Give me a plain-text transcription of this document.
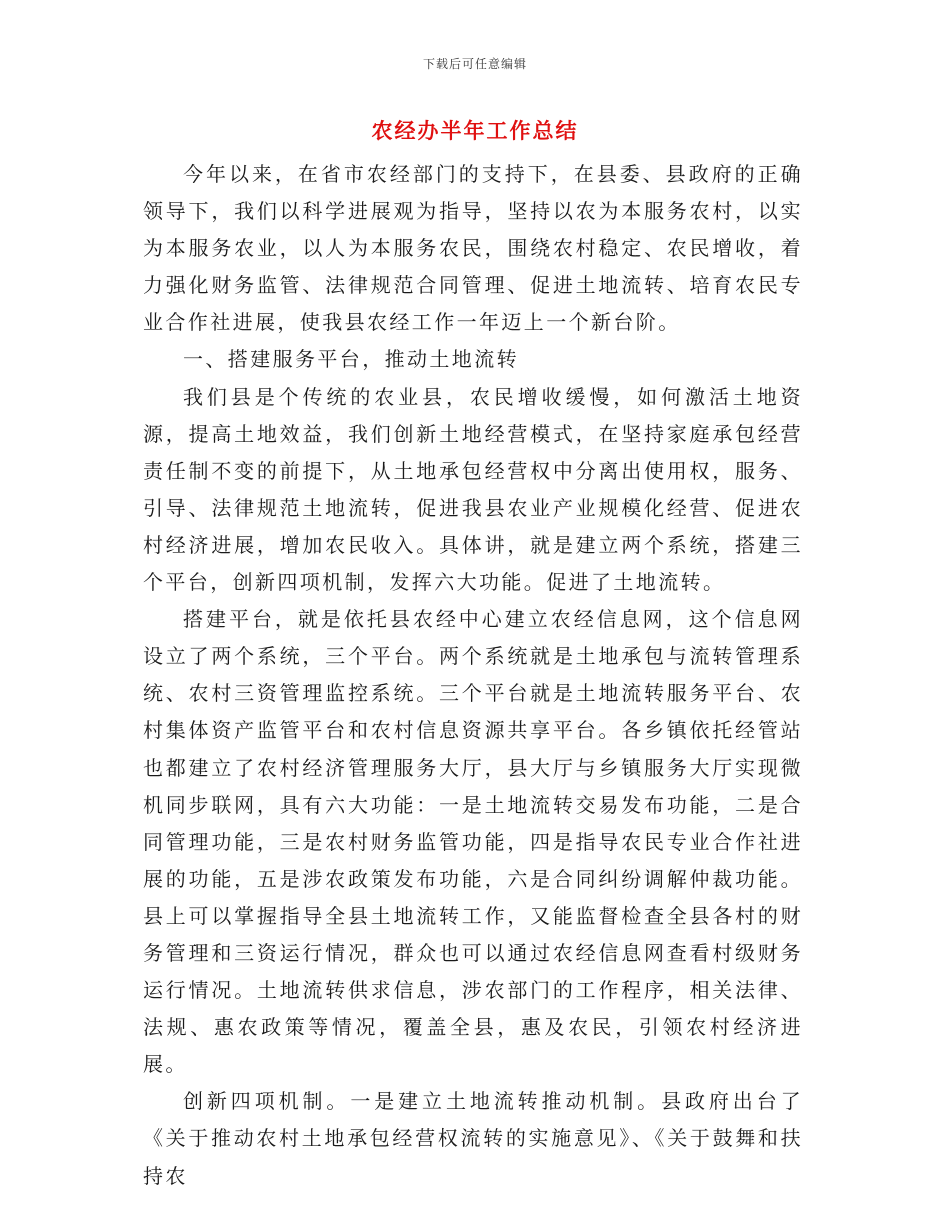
下载后可任意编辑
农经办半年工作总结

今年以来，在省市农经部门的支持下，在县委、县政府的正确领导下，我们以科学进展观为指导，坚持以农为本服务农村，以实为本服务农业，以人为本服务农民，围绕农村稳定、农民增收，着力强化财务监管、法律规范合同管理、促进土地流转、培育农民专业合作社进展，使我县农经工作一年迈上一个新台阶。

一、搭建服务平台，推动土地流转

我们县是个传统的农业县，农民增收缓慢，如何激活土地资源，提高土地效益，我们创新土地经营模式，在坚持家庭承包经营责任制不变的前提下，从土地承包经营权中分离出使用权，服务、引导、法律规范土地流转，促进我县农业产业规模化经营、促进农村经济进展，增加农民收入。具体讲，就是建立两个系统，搭建三个平台，创新四项机制，发挥六大功能。促进了土地流转。

搭建平台，就是依托县农经中心建立农经信息网，这个信息网设立了两个系统，三个平台。两个系统就是土地承包与流转管理系统、农村三资管理监控系统。三个平台就是土地流转服务平台、农村集体资产监管平台和农村信息资源共享平台。各乡镇依托经管站也都建立了农村经济管理服务大厅，县大厅与乡镇服务大厅实现微机同步联网，具有六大功能：一是土地流转交易发布功能，二是合同管理功能，三是农村财务监管功能，四是指导农民专业合作社进展的功能，五是涉农政策发布功能，六是合同纠纷调解仲裁功能。县上可以掌握指导全县土地流转工作，又能监督检查全县各村的财务管理和三资运行情况，群众也可以通过农经信息网查看村级财务运行情况。土地流转供求信息，涉农部门的工作程序，相关法律、法规、惠农政策等情况，覆盖全县，惠及农民，引领农村经济进展。

创新四项机制。一是建立土地流转推动机制。县政府出台了《关于推动农村土地承包经营权流转的实施意见》、《关于鼓舞和扶持农
